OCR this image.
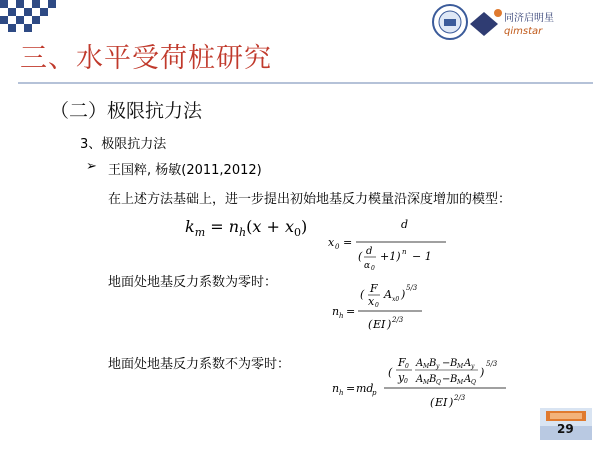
同济启明星
qimstar
三、水平受荷桩研究
（二）极限抗力法
3、极限抗力法
➢ 王国粹, 杨敏(2011,2012)
在上述方法基础上，进一步提出初始地基反力模量沿深度增加的模型：
$k_m = n_h(x + x_0)$
x 0 =
d
( d
α 0
+1) n − 1
地面处地基反力系数为零时：
n h =
( F
x 0
A x0 ) 5/3
( EI ) 2/3
地面处地基反力系数不为零时：
n h = md
p
(
F 0
y 0
A M B y − B M A y
A M B Q − B M A Q
)
5/3
( EI ) 2/3
29
